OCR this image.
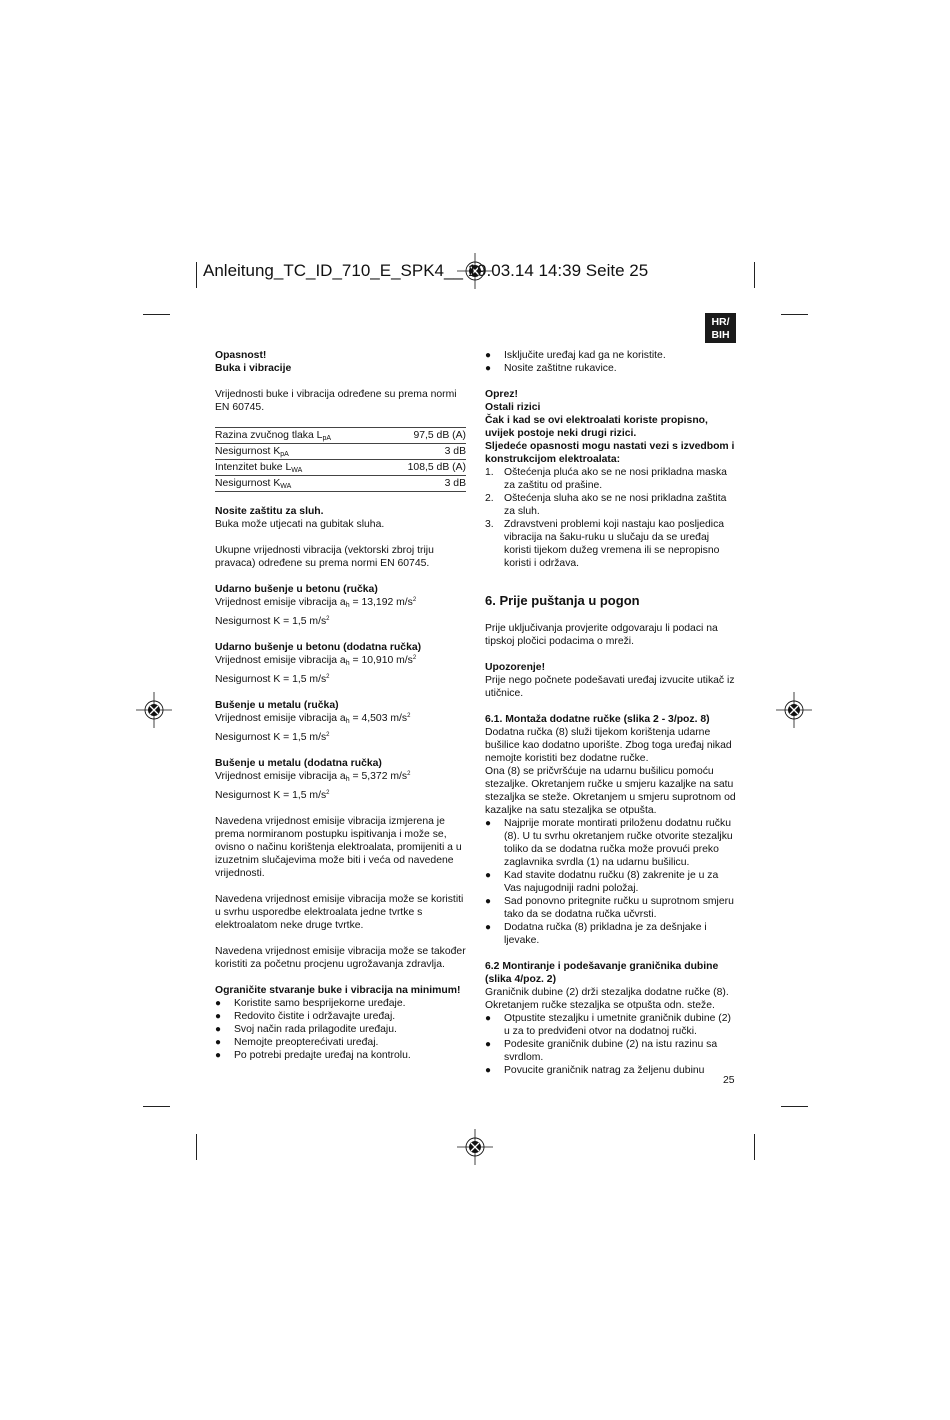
Anleitung_TC_ID_710_E_SPK4__ 19.03.14 14:39 Seite 25
HR/
BIH

Opasnost!

Buka i vibracije

Vrijednosti buke i vibracija određene su prema normi EN 60745.

Razina zvučnog tlaka $L_{pA}$	97,5 dB (A)
Nesigurnost $K_{pA}$	3 dB
Intenzitet buke $L_{WA}$	108,5 dB (A)
Nesigurnost $K_{WA}$	3 dB

Nosite zaštitu za sluh.

Buka može utjecati na gubitak sluha.

Ukupne vrijednosti vibracija (vektorski zbroj triju pravaca) određene su prema normi EN 60745.

Udarno bušenje u betonu (ručka)

Vrijednost emisije vibracija $a_h = 13,192$ $m/s^2$

Nesigurnost K = 1,5 $m/s^2$

Udarno bušenje u betonu (dodatna ručka)

Vrijednost emisije vibracija $a_h = 10,910$ $m/s^2$

Nesigurnost K = 1,5 $m/s^2$

Bušenje u metalu (ručka)

Vrijednost emisije vibracija $a_h = 4,503$ $m/s^2$

Nesigurnost K = 1,5 $m/s^2$

Bušenje u metalu (dodatna ručka)

Vrijednost emisije vibracija $a_h = 5,372$ $m/s^2$

Nesigurnost K = 1,5 $m/s^2$

Navedena vrijednost emisije vibracija izmjerena je prema normiranom postupku ispitivanja i može se, ovisno o načinu korištenja elektroalata, promijeniti a u izuzetnim slučajevima može biti i veća od navedene vrijednosti.

Navedena vrijednost emisije vibracija može se koristiti u svrhu usporedbe elektroalata jedne tvrtke s elektroalatom neke druge tvrtke.

Navedena vrijednost emisije vibracija može se također koristiti za početnu procjenu ugrožavanja zdravlja.

Ograničite stvaranje buke i vibracija na minimum!

● Koristite samo besprijekorne uređaje.
● Redovito čistite i održavajte uređaj.
● Svoj način rada prilagodite uređaju.
● Nemojte preopterećivati uređaj.
● Po potrebi predajte uređaj na kontrolu.
● Isključite uređaj kad ga ne koristite.
● Nosite zaštitne rukavice.

Oprez!

Ostali rizici

Čak i kad se ovi elektroalati koriste propisno, uvijek postoje neki drugi rizici.

Sljedeće opasnosti mogu nastati vezi s izvedbom i konstrukcijom elektroalata:

1. Oštećenja pluća ako se ne nosi prikladna maska za zaštitu od prašine.
2. Oštećenja sluha ako se ne nosi prikladna zaštita za sluh.
3. Zdravstveni problemi koji nastaju kao posljedica vibracija na šaku-ruku u slučaju da se uređaj koristi tijekom dužeg vremena ili se nepropisno koristi i održava.

6. Prije puštanja u pogon

Prije uključivanja provjerite odgovaraju li podaci na tipskoj pločici podacima o mreži.

Upozorenje!

Prije nego počnete podešavati uređaj izvucite utikač iz utičnice.

6.1. Montaža dodatne ručke (slika 2 - 3/poz. 8)

Dodatna ručka (8) služi tijekom korištenja udarne bušilice kao dodatno uporište. Zbog toga uređaj nikad nemojte koristiti bez dodatne ručke.

Ona (8) se pričvršćuje na udarnu bušilicu pomoću stezaljke. Okretanjem ručke u smjeru kazaljke na satu stezaljka se steže. Okretanjem u smjeru suprotnom od kazaljke na satu stezaljka se otpušta.

● Najprije morate montirati priloženu dodatnu ručku (8). U tu svrhu okretanjem ručke otvorite stezaljku toliko da se dodatna ručka može provući preko zaglavnika svrdla (1) na udarnu bušilicu.
● Kad stavite dodatnu ručku (8) zakrenite je u za Vas najugodniji radni položaj.
● Sad ponovno pritegnite ručku u suprotnom smjeru tako da se dodatna ručka učvrsti.
● Dodatna ručka (8) prikladna je za dešnjake i ljevake.

6.2 Montiranje i podešavanje graničnika dubine (slika 4/poz. 2)

Graničnik dubine (2) drži stezaljka dodatne ručke (8). Okretanjem ručke stezaljka se otpušta odn. steže.

● Otpustite stezaljku i umetnite graničnik dubine (2) u za to predviđeni otvor na dodatnoj ručki.
● Podesite graničnik dubine (2) na istu razinu sa svrdlom.
● Povucite graničnik natrag za željenu dubinu
25
